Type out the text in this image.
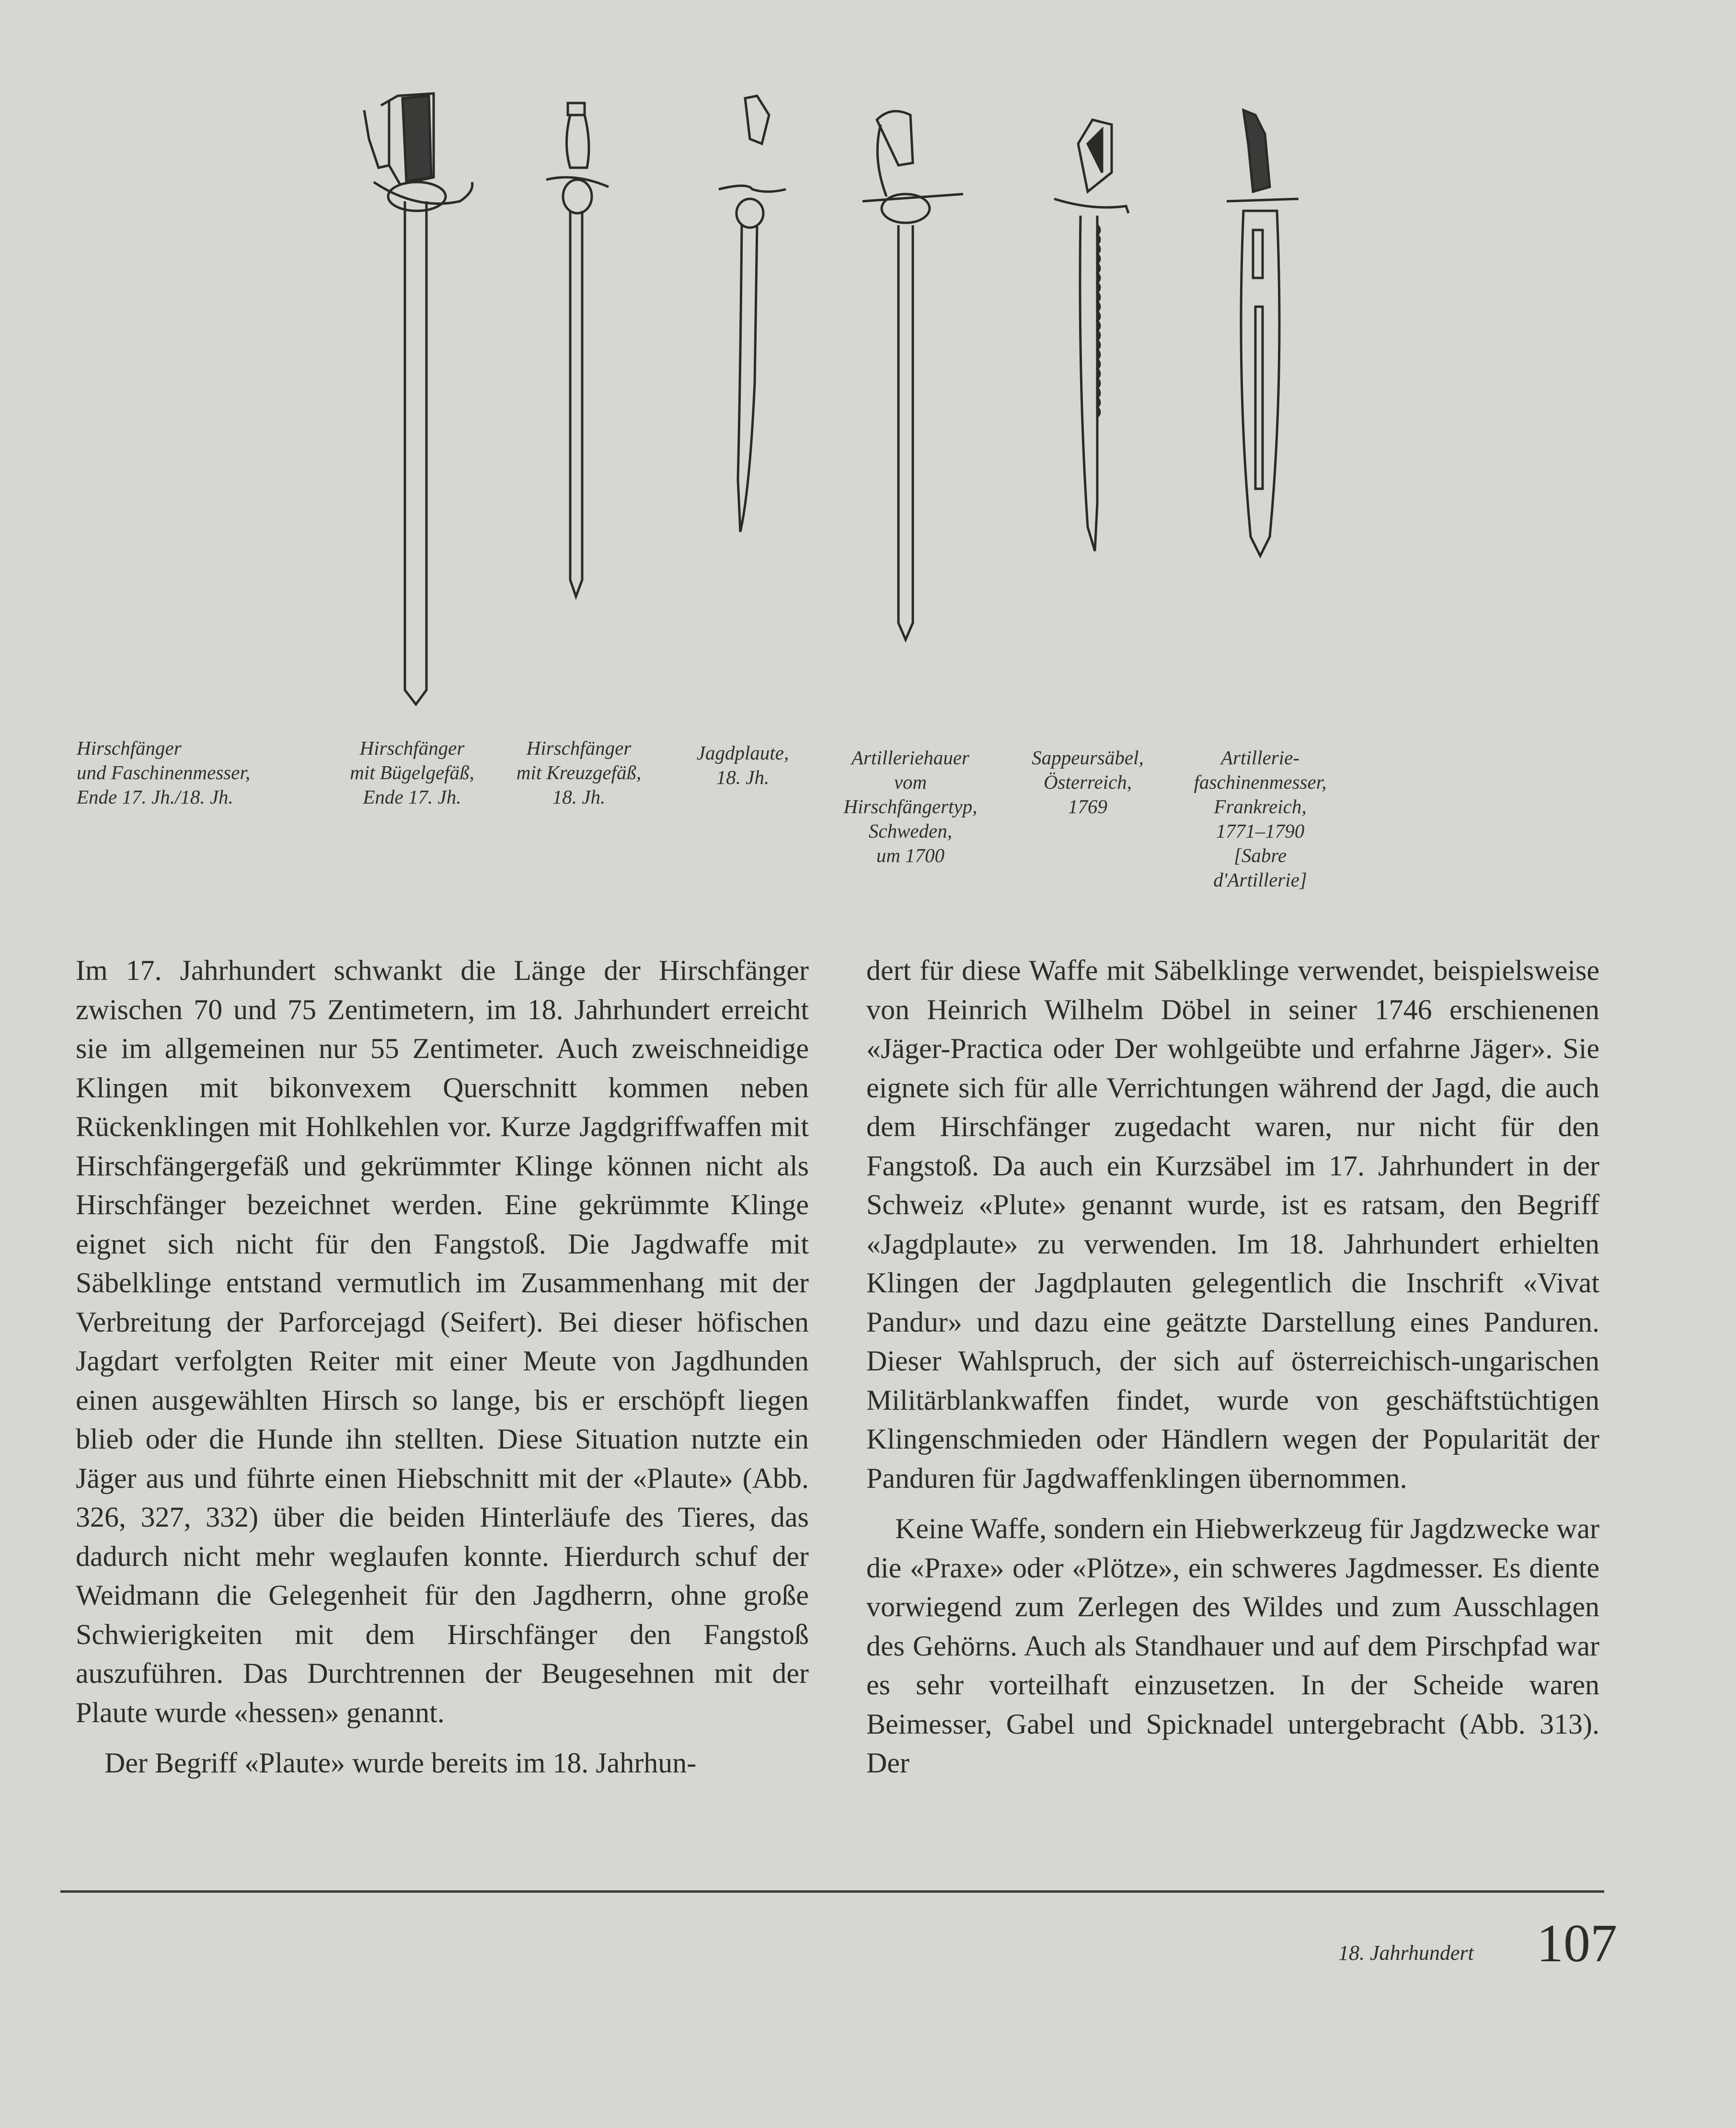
Hirschfänger
und Faschinenmesser,
Ende 17. Jh./18. Jh.
Hirschfänger
mit Bügelgefäß,
Ende 17. Jh.
Hirschfänger
mit Kreuzgefäß,
18. Jh.
Jagdplaute,
18. Jh.
Artilleriehauer
vom
Hirschfängertyp,
Schweden,
um 1700
Sappeursäbel,
Österreich,
1769
Artillerie-
faschinenmesser,
Frankreich,
1771–1790
[Sabre
d'Artillerie]

Im 17. Jahrhundert schwankt die Länge der Hirschfänger zwischen 70 und 75 Zentimetern, im 18. Jahrhundert erreicht sie im allgemeinen nur 55 Zentimeter. Auch zweischneidige Klingen mit bikonvexem Querschnitt kommen neben Rückenklingen mit Hohlkehlen vor. Kurze Jagdgriffwaffen mit Hirschfängergefäß und gekrümmter Klinge können nicht als Hirschfänger bezeichnet werden. Eine gekrümmte Klinge eignet sich nicht für den Fangstoß. Die Jagdwaffe mit Säbelklinge entstand vermutlich im Zusammenhang mit der Verbreitung der Parforcejagd (Seifert). Bei dieser höfischen Jagdart verfolgten Reiter mit einer Meute von Jagdhunden einen ausgewählten Hirsch so lange, bis er erschöpft liegen blieb oder die Hunde ihn stellten. Diese Situation nutzte ein Jäger aus und führte einen Hiebschnitt mit der «Plaute» (Abb. 326, 327, 332) über die beiden Hinterläufe des Tieres, das dadurch nicht mehr weglaufen konnte. Hierdurch schuf der Weidmann die Gelegenheit für den Jagdherrn, ohne große Schwierigkeiten mit dem Hirschfänger den Fangstoß auszuführen. Das Durchtrennen der Beugesehnen mit der Plaute wurde «hessen» genannt.

Der Begriff «Plaute» wurde bereits im 18. Jahrhun-

dert für diese Waffe mit Säbelklinge verwendet, beispielsweise von Heinrich Wilhelm Döbel in seiner 1746 erschienenen «Jäger-Practica oder Der wohlgeübte und erfahrne Jäger». Sie eignete sich für alle Verrichtungen während der Jagd, die auch dem Hirschfänger zugedacht waren, nur nicht für den Fangstoß. Da auch ein Kurzsäbel im 17. Jahrhundert in der Schweiz «Plute» genannt wurde, ist es ratsam, den Begriff «Jagdplaute» zu verwenden. Im 18. Jahrhundert erhielten Klingen der Jagdplauten gelegentlich die Inschrift «Vivat Pandur» und dazu eine geätzte Darstellung eines Panduren. Dieser Wahlspruch, der sich auf österreichisch-ungarischen Militärblankwaffen findet, wurde von geschäftstüchtigen Klingenschmieden oder Händlern wegen der Popularität der Panduren für Jagdwaffenklingen übernommen.

Keine Waffe, sondern ein Hiebwerkzeug für Jagdzwecke war die «Praxe» oder «Plötze», ein schweres Jagdmesser. Es diente vorwiegend zum Zerlegen des Wildes und zum Ausschlagen des Gehörns. Auch als Standhauer und auf dem Pirschpfad war es sehr vorteilhaft einzusetzen. In der Scheide waren Beimesser, Gabel und Spicknadel untergebracht (Abb. 313). Der

18. Jahrhundert 107
